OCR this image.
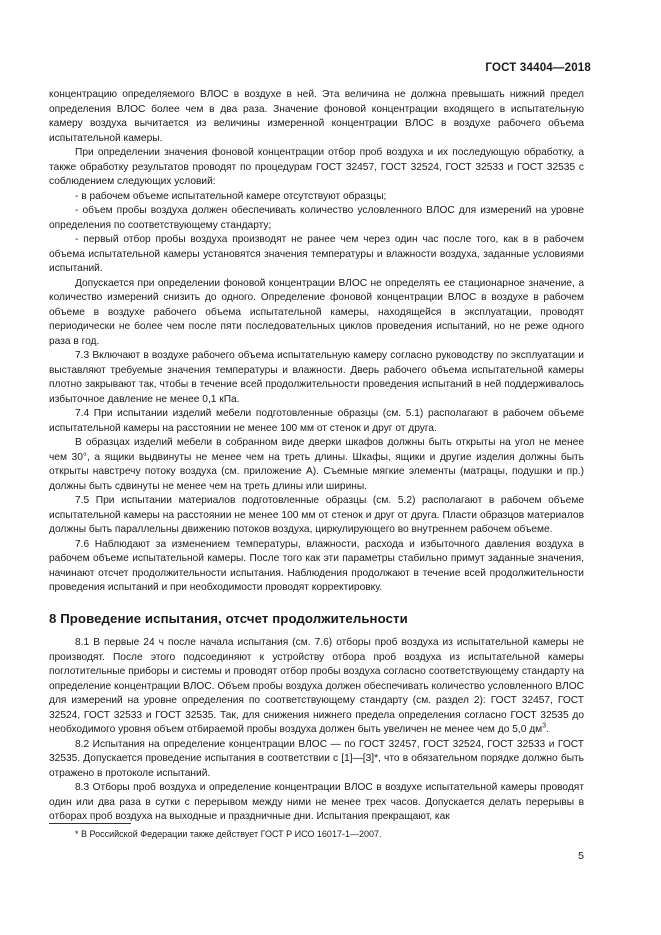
ГОСТ 34404—2018

концентрацию определяемого ВЛОС в воздухе в ней. Эта величина не должна превышать нижний предел определения ВЛОС более чем в два раза. Значение фоновой концентрации входящего в испытательную камеру воздуха вычитается из величины измеренной концентрации ВЛОС в воздухе рабочего объема испытательной камеры.

При определении значения фоновой концентрации отбор проб воздуха и их последующую обработку, а также обработку результатов проводят по процедурам ГОСТ 32457, ГОСТ 32524, ГОСТ 32533 и ГОСТ 32535 с соблюдением следующих условий:

- в рабочем объеме испытательной камере отсутствуют образцы;

- объем пробы воздуха должен обеспечивать количество условленного ВЛОС для измерений на уровне определения по соответствующему стандарту;

- первый отбор пробы воздуха производят не ранее чем через один час после того, как в в рабочем объема испытательной камеры установятся значения температуры и влажности воздуха, заданные условиями испытаний.

Допускается при определении фоновой концентрации ВЛОС не определять ее стационарное значение, а количество измерений снизить до одного. Определение фоновой концентрации ВЛОС в воздухе в рабочем объеме в воздухе рабочего объема испытательной камеры, находящейся в эксплуатации, проводят периодически не более чем после пяти последовательных циклов проведения испытаний, но не реже одного раза в год.

7.3 Включают в воздухе рабочего объема испытательную камеру согласно руководству по эксплуатации и выставляют требуемые значения температуры и влажности. Дверь рабочего объема испытательной камеры плотно закрывают так, чтобы в течение всей продолжительности проведения испытаний в ней поддерживалось избыточное давление не менее 0,1 кПа.

7.4 При испытании изделий мебели подготовленные образцы (см. 5.1) располагают в рабочем объеме испытательной камеры на расстоянии не менее 100 мм от стенок и друг от друга.

В образцах изделий мебели в собранном виде дверки шкафов должны быть открыты на угол не менее чем 30°, а ящики выдвинуты не менее чем на треть длины. Шкафы, ящики и другие изделия должны быть открыты навстречу потоку воздуха (см. приложение А). Съемные мягкие элементы (матрацы, подушки и пр.) должны быть сдвинуты не менее чем на треть длины или ширины.

7.5 При испытании материалов подготовленные образцы (см. 5.2) располагают в рабочем объеме испытательной камеры на расстоянии не менее 100 мм от стенок и друг от друга. Пласти образцов материалов должны быть параллельны движению потоков воздуха, циркулирующего во внутреннем рабочем объеме.

7.6 Наблюдают за изменением температуры, влажности, расхода и избыточного давления воздуха в рабочем объеме испытательной камеры. После того как эти параметры стабильно примут заданные значения, начинают отсчет продолжительности испытания. Наблюдения продолжают в течение всей продолжительности проведения испытаний и при необходимости проводят корректировку.

8 Проведение испытания, отсчет продолжительности

8.1 В первые 24 ч после начала испытания (см. 7.6) отборы проб воздуха из испытательной камеры не производят. После этого подсоединяют к устройству отбора проб воздуха из испытательной камеры поглотительные приборы и системы и проводят отбор пробы воздуха согласно соответствующему стандарту на определение концентрации ВЛОС. Объем пробы воздуха должен обеспечивать количество условленного ВЛОС для измерений на уровне определения по соответствующему стандарту (см. раздел 2): ГОСТ 32457, ГОСТ 32524, ГОСТ 32533 и ГОСТ 32535. Так, для снижения нижнего предела определения согласно ГОСТ 32535 до необходимого уровня объем отбираемой пробы воздуха должен быть увеличен не менее чем до 5,0 $дм^3$.

8.2 Испытания на определение концентрации ВЛОС — по ГОСТ 32457, ГОСТ 32524, ГОСТ 32533 и ГОСТ 32535. Допускается проведение испытания в соответствии с [1]—[3]*, что в обязательном порядке должно быть отражено в протоколе испытаний.

8.3 Отборы проб воздуха и определение концентрации ВЛОС в воздухе испытательной камеры проводят один или два раза в сутки с перерывом между ними не менее трех часов. Допускается делать перерывы в отборах проб воздуха на выходные и праздничные дни. Испытания прекращают, как

* В Российской Федерации также действует ГОСТ Р ИСО 16017-1—2007.
5
